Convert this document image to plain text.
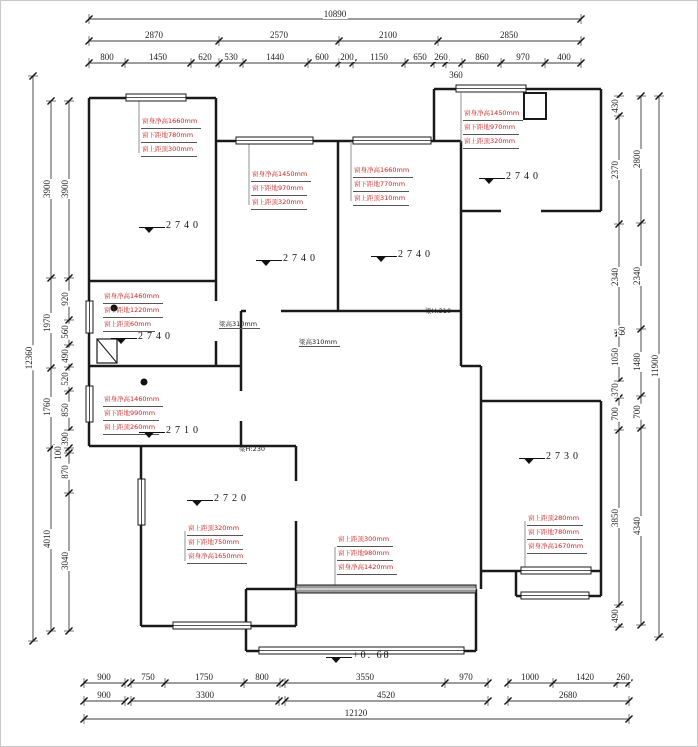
窗身净高1660mm
窗下距地780mm
窗上距顶300mm
窗身净高1450mm
窗下距地970mm
窗上距顶320mm
窗身净高1660mm
窗下距地770mm
窗上距顶310mm
窗身净高1450mm
窗下距地970mm
窗上距顶320mm
窗身净高1460mm
窗下距地1220mm
窗上距顶60mm
窗身净高1460mm
窗下距地990mm
窗上距顶260mm
窗上距顶320mm
窗下距地750mm
窗身净高1650mm
窗上距顶300mm
窗下距地980mm
窗身净高1420mm
窗上距顶280mm
窗下距地780mm
窗身净高1670mm
2740
2740	2740
2740
2740
2710
2720
2730
+0. 68
梁高310mm
梁高310mm
梁H:310
梁H:230
10890
2870	2570	2100	2850
800	1450	620 530	1440	600 200 1150	650 260	860	970	400
360
900	750	1750	800	3550	970	1000	1420 260
900	3300	4520	2680
12120
12360
3900
1970
1760
4010
3900
920
560
490
520
850
390
100
870
3040
430
2370
2340
60
1050
370
700
3850
490
2800
2340
1480
700
4340
11900
